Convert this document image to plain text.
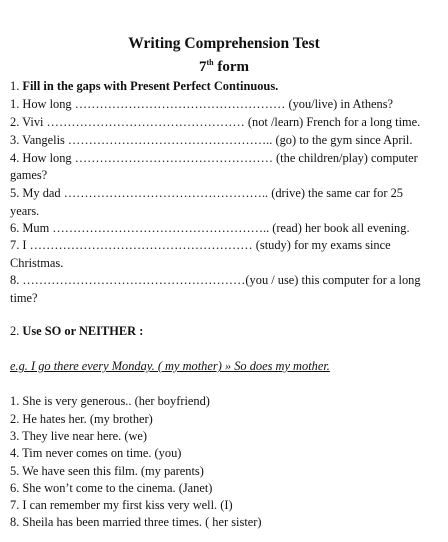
Writing Comprehension Test
7th form
1. Fill in the gaps with Present Perfect Continuous.
1. How long …………………………………………… (you/live) in Athens?
2. Vivi ………………………………………… (not /learn) French for a long time.
3. Vangelis ………………………………………….. (go) to the gym since April.
4. How long ………………………………………… (the children/play) computer
games?
5. My dad ………………………………………….. (drive) the same car for 25
years.
6. Mum …………………………………………….. (read) her book all evening.
7. I ……………………………………………… (study) for my exams since
Christmas.
8. ………………………………………………(you / use) this computer for a long
time?
2. Use SO or NEITHER :
e.g. I go there every Monday. ( my mother) » So does my mother.
1. She is very generous.. (her boyfriend)
2. He hates her. (my brother)
3. They live near here. (we)
4. Tim never comes on time. (you)
5. We have seen this film. (my parents)
6. She won’t come to the cinema. (Janet)
7. I can remember my first kiss very well. (I)
8. Sheila has been married three times. ( her sister)
